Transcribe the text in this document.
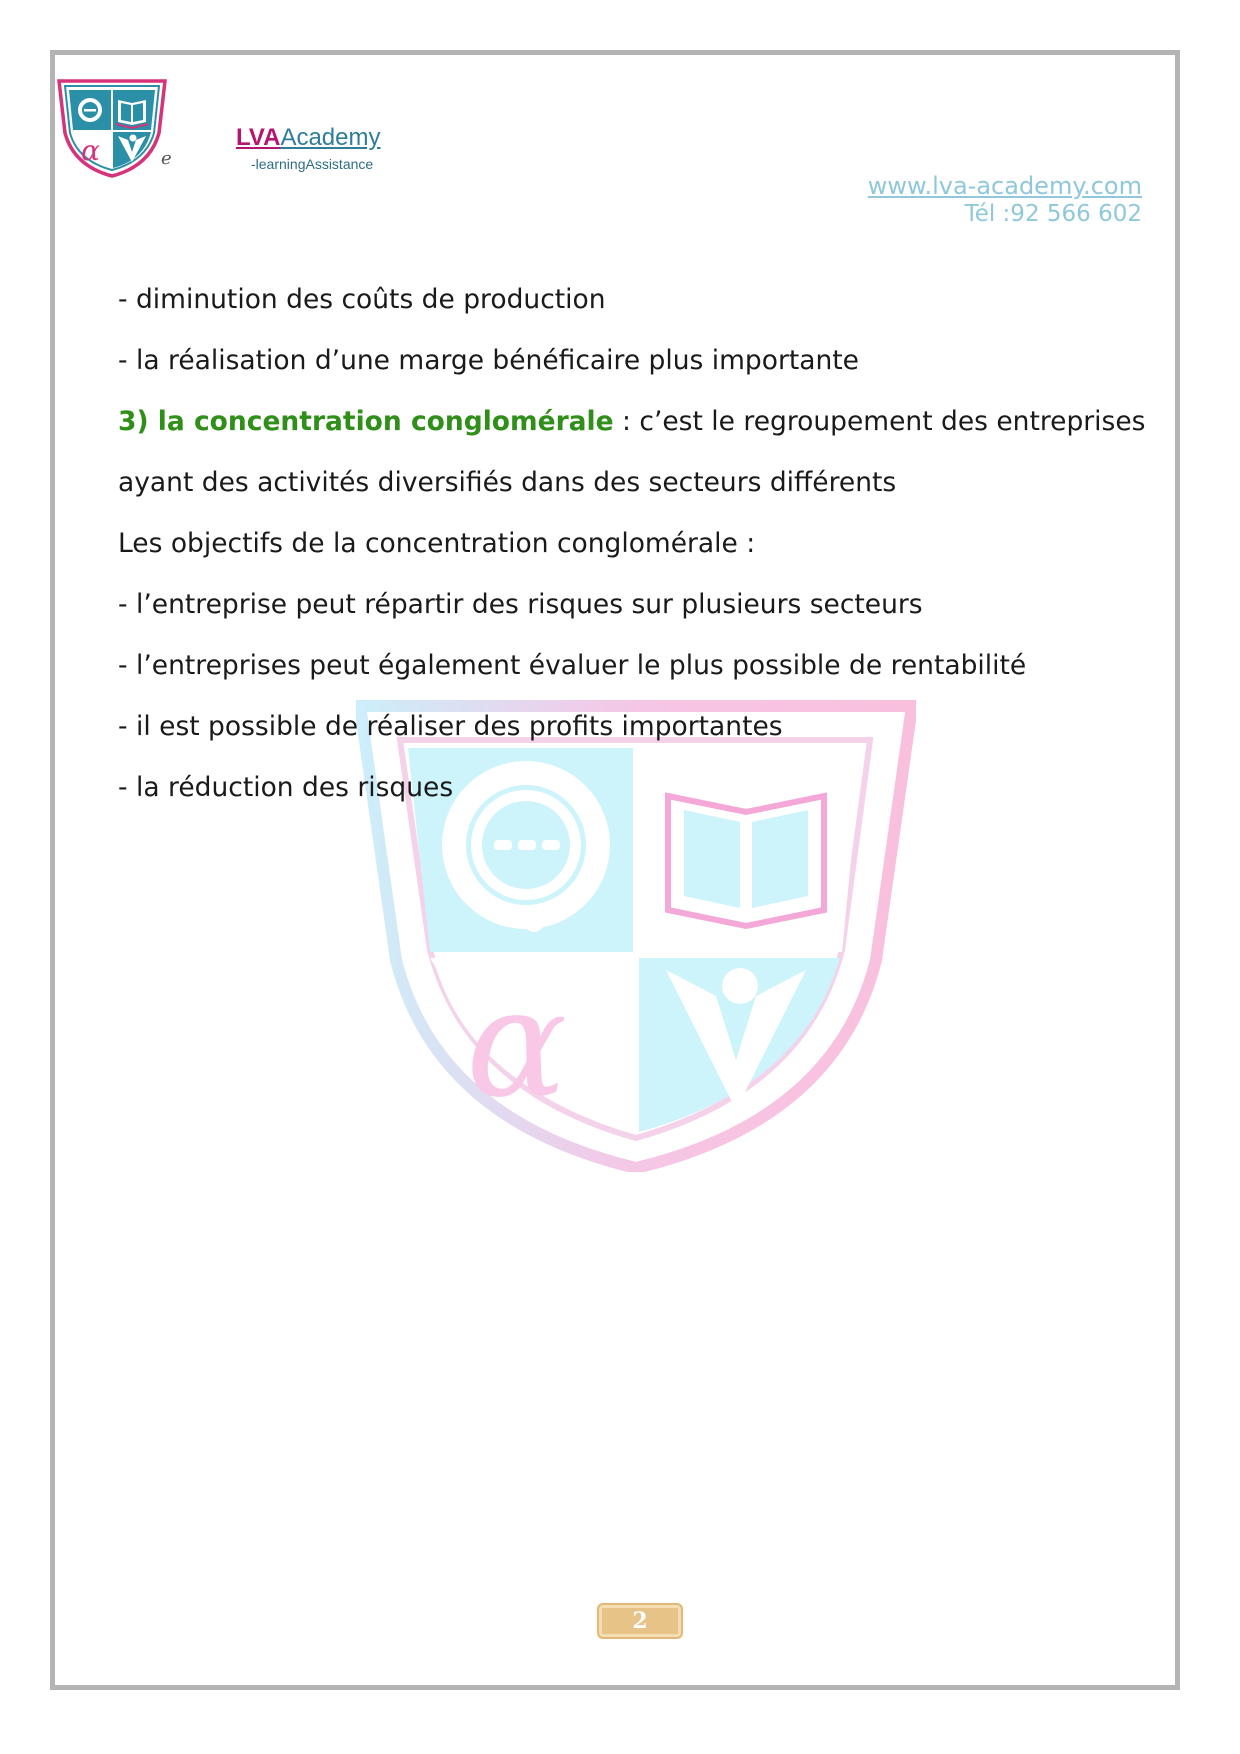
α	e
LVAAcademy
-learningAssistance
www.lva-academy.com
Tél :92 566 602
α

- diminution des coûts de production

- la réalisation d’une marge bénéficaire plus importante

3) la concentration conglomérale : c’est le regroupement des entreprises

ayant des activités diversifiés dans des secteurs différents

Les objectifs de la concentration conglomérale :

- l’entreprise peut répartir des risques sur plusieurs secteurs

- l’entreprises peut également évaluer le plus possible de rentabilité

- il est possible de réaliser des profits importantes

- la réduction des risques

2
